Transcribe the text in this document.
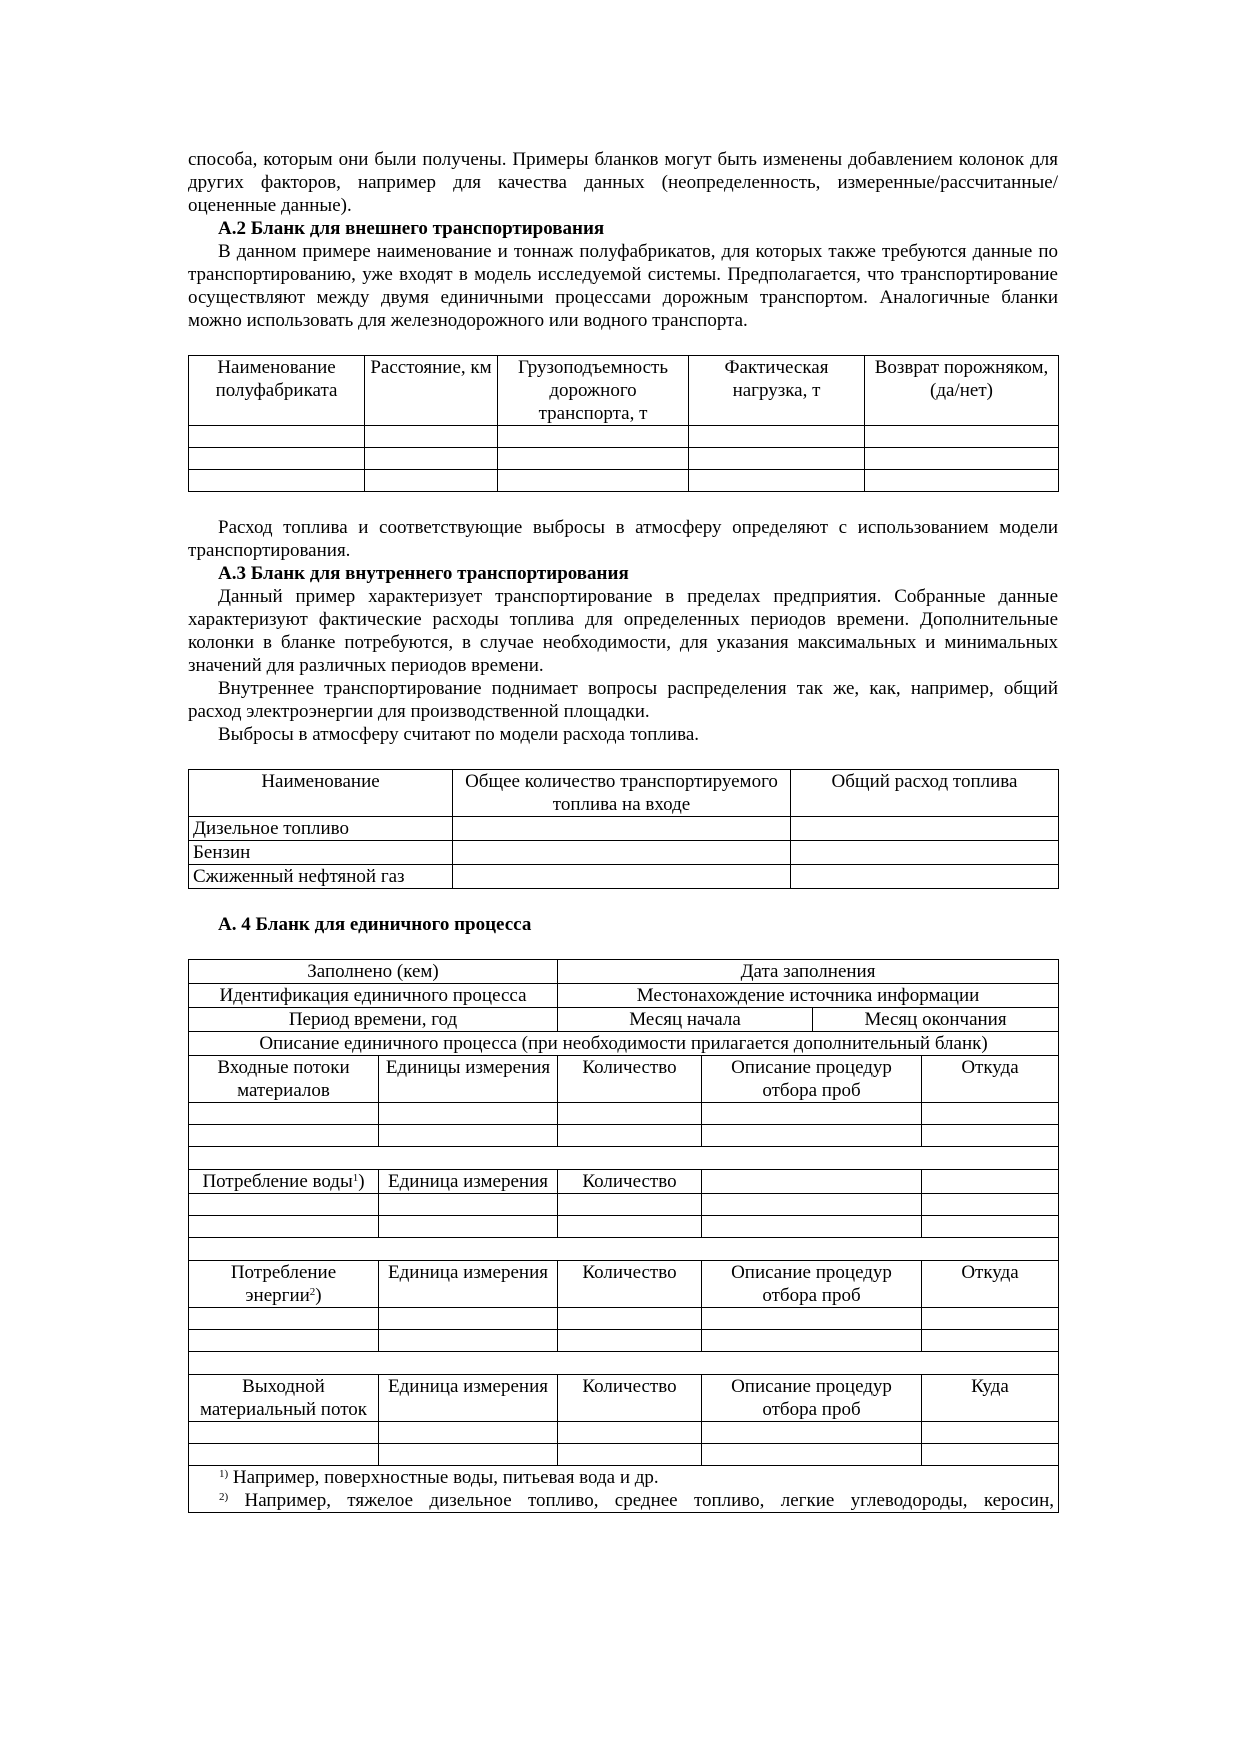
способа, которым они были получены. Примеры бланков могут быть изменены добавлением колонок для других факторов, например для качества данных (неопределенность, измеренные/рассчитанные/оцененные данные).

А.2 Бланк для внешнего транспортирования

В данном примере наименование и тоннаж полуфабрикатов, для которых также требуются данные по транспортированию, уже входят в модель исследуемой системы. Предполагается, что транспортирование осуществляют между двумя единичными процессами дорожным транспортом. Аналогичные бланки можно использовать для железнодорожного или водного транспорта.

Наименование полуфабриката	Расстояние, км	Грузоподъемность дорожного транспорта, т	Фактическая нагрузка, т	Возврат порожняком, (да/нет)

Расход топлива и соответствующие выбросы в атмосферу определяют с использованием модели транспортирования.

А.3 Бланк для внутреннего транспортирования

Данный пример характеризует транспортирование в пределах предприятия. Собранные данные характеризуют фактические расходы топлива для определенных периодов времени. Дополнительные колонки в бланке потребуются, в случае необходимости, для указания максимальных и минимальных значений для различных периодов времени.

Внутреннее транспортирование поднимает вопросы распределения так же, как, например, общий расход электроэнергии для производственной площадки.

Выбросы в атмосферу считают по модели расхода топлива.

Наименование	Общее количество транспортируемого топлива на входе	Общий расход топлива
Дизельное топливо		
Бензин		
Сжиженный нефтяной газ		

А. 4 Бланк для единичного процесса

Заполнено (кем)		Дата заполнения			
Идентификация единичного процесса		Местонахождение источника информации			
Период времени, год		Месяц начала		Месяц окончания	
Описание единичного процесса (при необходимости прилагается дополнительный бланк)					
Входные потоки материалов	Единицы измерения	Количество	Описание процедур отбора проб		Откуда

Потребление воды$^1$)	Единица измерения	Количество			

Потребление энергии$^2$)	Единица измерения	Количество	Описание процедур отбора проб		Откуда

Выходной материальный поток	Единица измерения	Количество	Описание процедур отбора проб		Куда

$^{1)}$ Например, поверхностные воды, питьевая вода и др.
$^{2)}$ Например, тяжелое дизельное топливо, среднее топливо, легкие углеводороды, керосин,					
